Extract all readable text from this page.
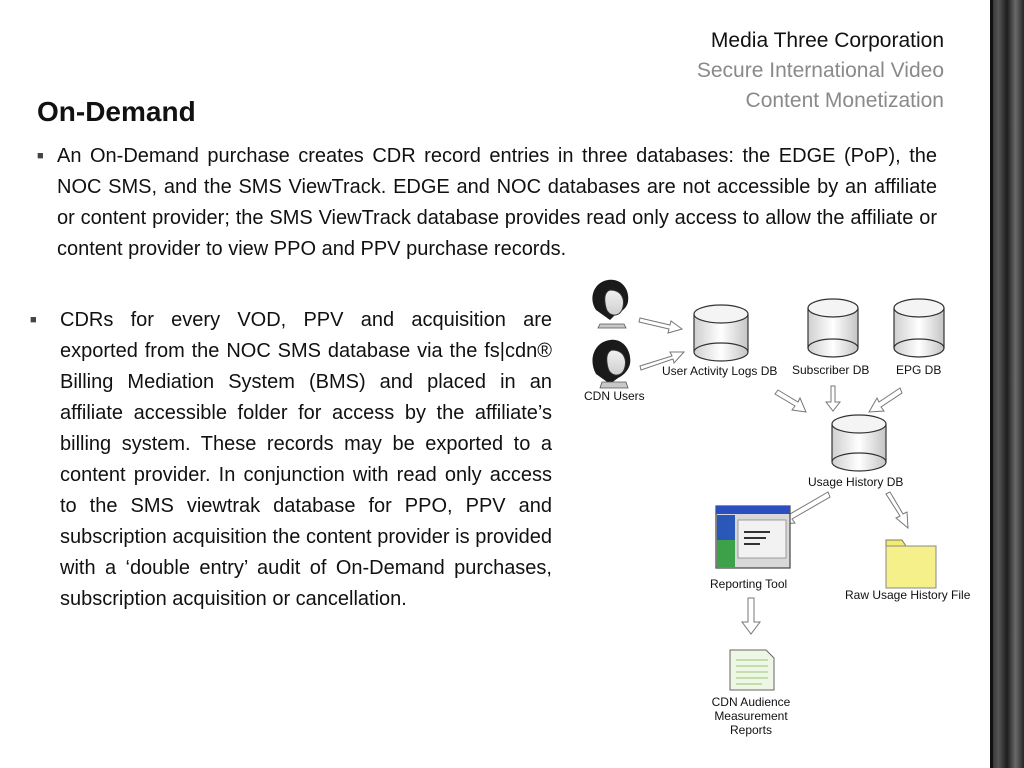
Media Three Corporation
Secure International Video
Content Monetization
On-Demand
■ An On-Demand purchase creates CDR record entries in three databases: the EDGE (PoP), the NOC SMS, and the SMS ViewTrack. EDGE and NOC databases are not accessible by an affiliate or content provider; the SMS ViewTrack database provides read only access to allow the affiliate or content provider to view PPO and PPV purchase records.
■	CDRs for every VOD, PPV and acquisition are exported from the NOC SMS database via the fs|cdn® Billing Mediation System (BMS) and placed in an affiliate accessible folder for access by the affiliate’s billing system. These records may be exported to a content provider. In conjunction with read only access to the SMS viewtrak database for PPO, PPV and subscription acquisition the content provider is provided with a ‘double entry’ audit of On-Demand purchases, subscription acquisition or cancellation.
CDN Users
User Activity Logs DB Subscriber DB EPG DB
Usage History DB
Reporting Tool
Raw Usage History File
CDN Audience
Measurement
Reports
